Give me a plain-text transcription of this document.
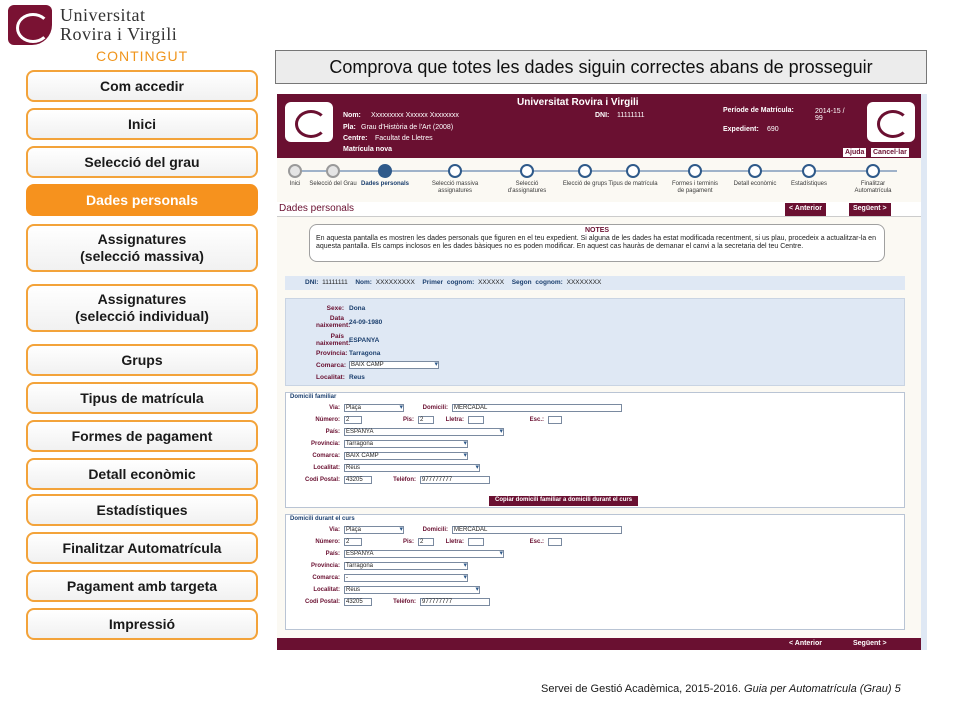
Universitat
Rovira i Virgili
CONTINGUT
Com accedir
Inici
Selecció del grau
Dades personals
Assignatures
(selecció massiva)
Assignatures
(selecció individual)
Grups
Tipus de matrícula
Formes de pagament
Detall econòmic
Estadístiques
Finalitzar Automatrícula
Pagament amb targeta
Impressió
Comprova que totes les dades siguin correctes abans de prosseguir
Universitat Rovira i Virgili
Nom: Xxxxxxxxx Xxxxxx Xxxxxxxx	DNI: 11111111
Pla: Grau d'Història de l'Art (2008)
Centre: Facultat de Lletres
Matrícula nova
Període de Matrícula:	2014-15 / 99
Expedient: 690
Ajuda Cancel·lar
Inici	Selecció del Grau Dades personals	Selecció massiva assignatures
Selecció d'assignatures
Elecció de grups Tipus de matrícula	Formes i terminis de pagament
Detall econòmic	Estadístiques	Finalitzar Automatrícula
Dades personals	< Anterior	Següent >
NOTES
En aquesta pantalla es mostren les dades personals que figuren en el teu expedient. Si alguna de les dades ha estat modificada recentment, si us plau, procedeix a actualitzar-la en aquesta pantalla. Els camps inclosos en les dades bàsiques no es poden modificar. En aquest cas hauràs de demanar el canvi a la secretaria del teu Centre.
DNI: 11111111 Nom: XXXXXXXXX Primer cognom: XXXXXX Segon cognom: XXXXXXXX
Sexe: Dona
Data naixement:
24-09-1980
País naixement:
ESPANYA
Província: Tarragona
Comarca: BAIX CAMP ▾
Localitat: Reus
Domicili familiar
Via:	Plaça ▾	Domicili:	MERCADAL
Número:	2	Pis:	2	Lletra:	Esc.:
País:	ESPANYA ▾
Província:	Tarragona ▾
Comarca:	BAIX CAMP ▾
Localitat:	Reus ▾
Codi Postal:	43205	Telèfon:	977777777
Copiar domicili familiar a domicili durant el curs
Domicili durant el curs
Via:	Plaça ▾	Domicili:	MERCADAL
Número:	2	Pis:	2	Lletra:	Esc.:
País:	ESPANYA ▾
Província:	Tarragona ▾
Comarca:	- ▾
Localitat:	Reus ▾
Codi Postal:	43205	Telèfon:	977777777
< Anterior	Següent >
Servei de Gestió Acadèmica, 2015-2016. Guia per Automatrícula (Grau) 5
